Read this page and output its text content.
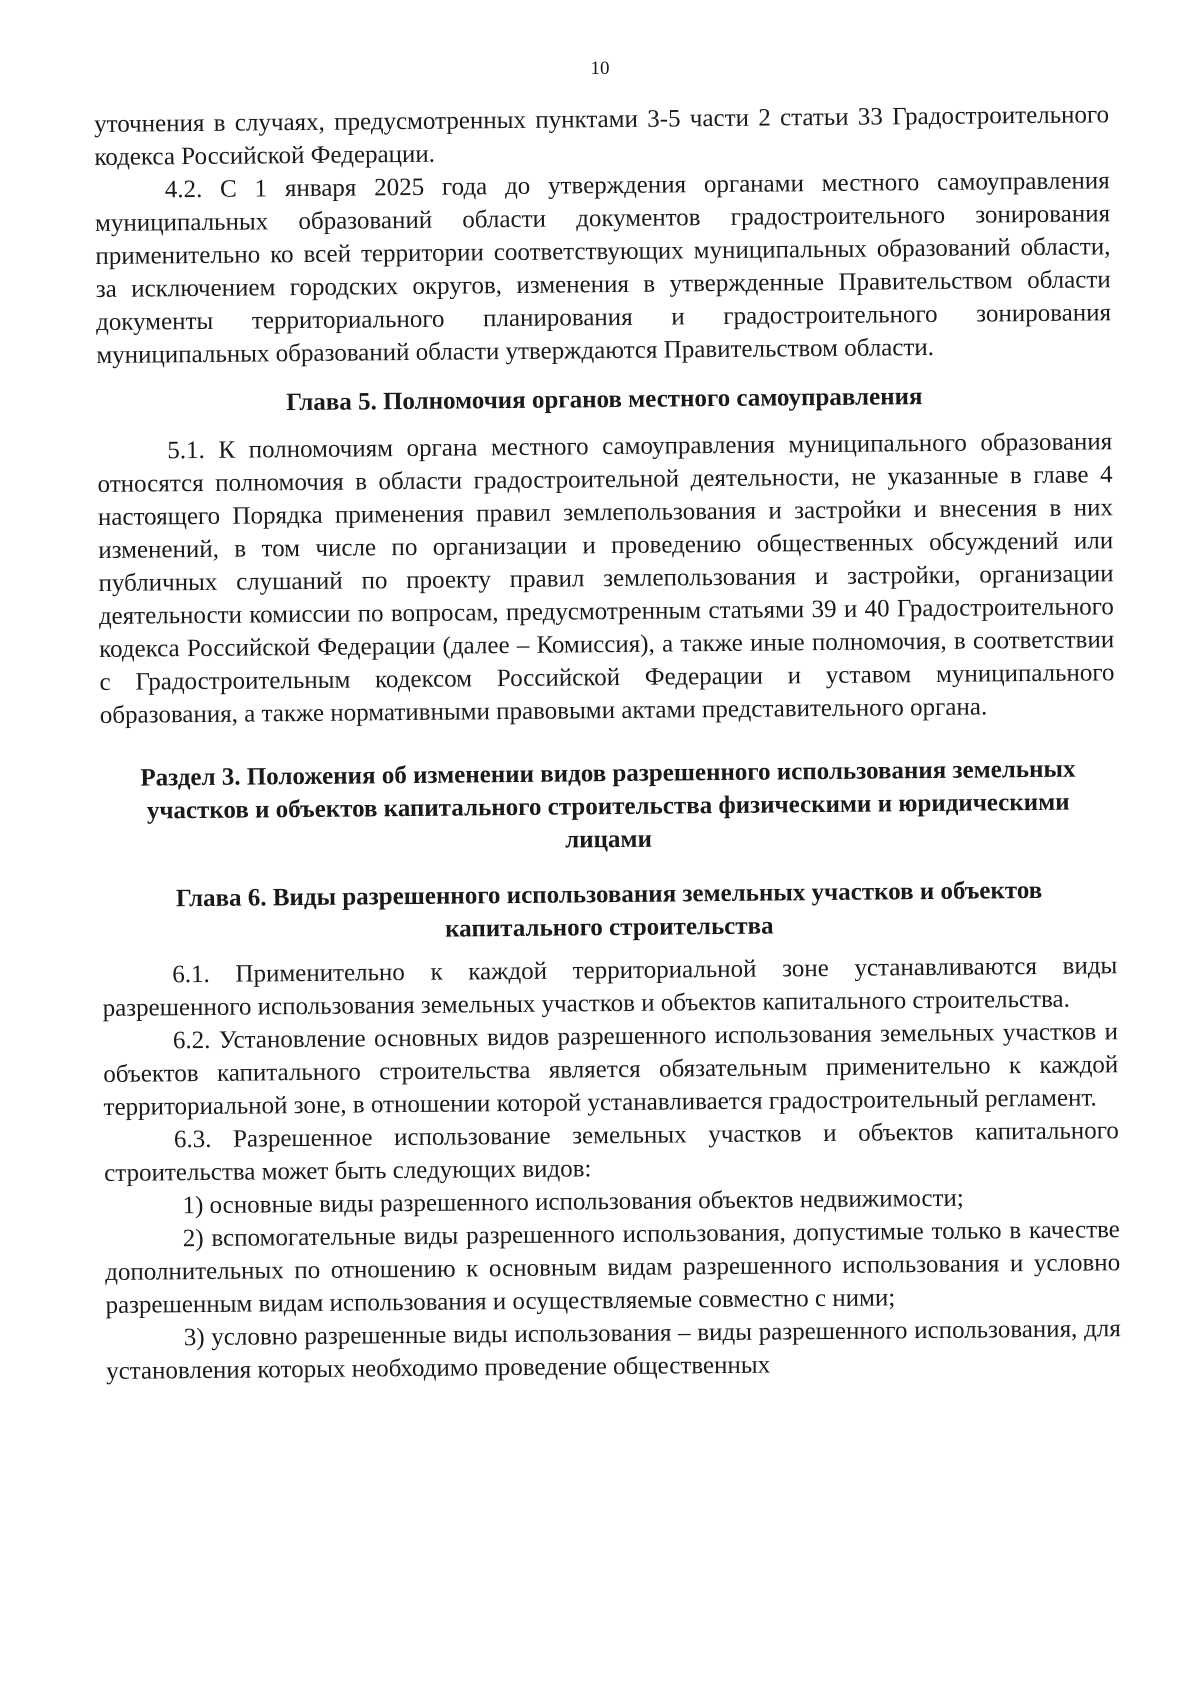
10

уточнения в случаях, предусмотренных пунктами 3-5 части 2 статьи 33 Градостроительного кодекса Российской Федерации.

4.2. С 1 января 2025 года до утверждения органами местного самоуправления муниципальных образований области документов градостроительного зонирования применительно ко всей территории соответствующих муниципальных образований области, за исключением городских округов, изменения в утвержденные Правительством области документы территориального планирования и градостроительного зонирования муниципальных образований области утверждаются Правительством области.

Глава 5. Полномочия органов местного самоуправления

5.1. К полномочиям органа местного самоуправления муниципального образования относятся полномочия в области градостроительной деятельности, не указанные в главе 4 настоящего Порядка применения правил землепользования и застройки и внесения в них изменений, в том числе по организации и проведению общественных обсуждений или публичных слушаний по проекту правил землепользования и застройки, организации деятельности комиссии по вопросам, предусмотренным статьями 39 и 40 Градостроительного кодекса Российской Федерации (далее – Комиссия), а также иные полномочия, в соответствии с Градостроительным кодексом Российской Федерации и уставом муниципального образования, а также нормативными правовыми актами представительного органа.

Раздел 3. Положения об изменении видов разрешенного использования земельных участков и объектов капитального строительства физическими и юридическими лицами
Глава 6. Виды разрешенного использования земельных участков и объектов капитального строительства

6.1. Применительно к каждой территориальной зоне устанавливаются виды разрешенного использования земельных участков и объектов капитального строительства.

6.2. Установление основных видов разрешенного использования земельных участков и объектов капитального строительства является обязательным применительно к каждой территориальной зоне, в отношении которой устанавливается градостроительный регламент.

6.3. Разрешенное использование земельных участков и объектов капитального строительства может быть следующих видов:

1) основные виды разрешенного использования объектов недвижимости;

2) вспомогательные виды разрешенного использования, допустимые только в качестве дополнительных по отношению к основным видам разрешенного использования и условно разрешенным видам использования и осуществляемые совместно с ними;

3) условно разрешенные виды использования – виды разрешенного использования, для установления которых необходимо проведение общественных
